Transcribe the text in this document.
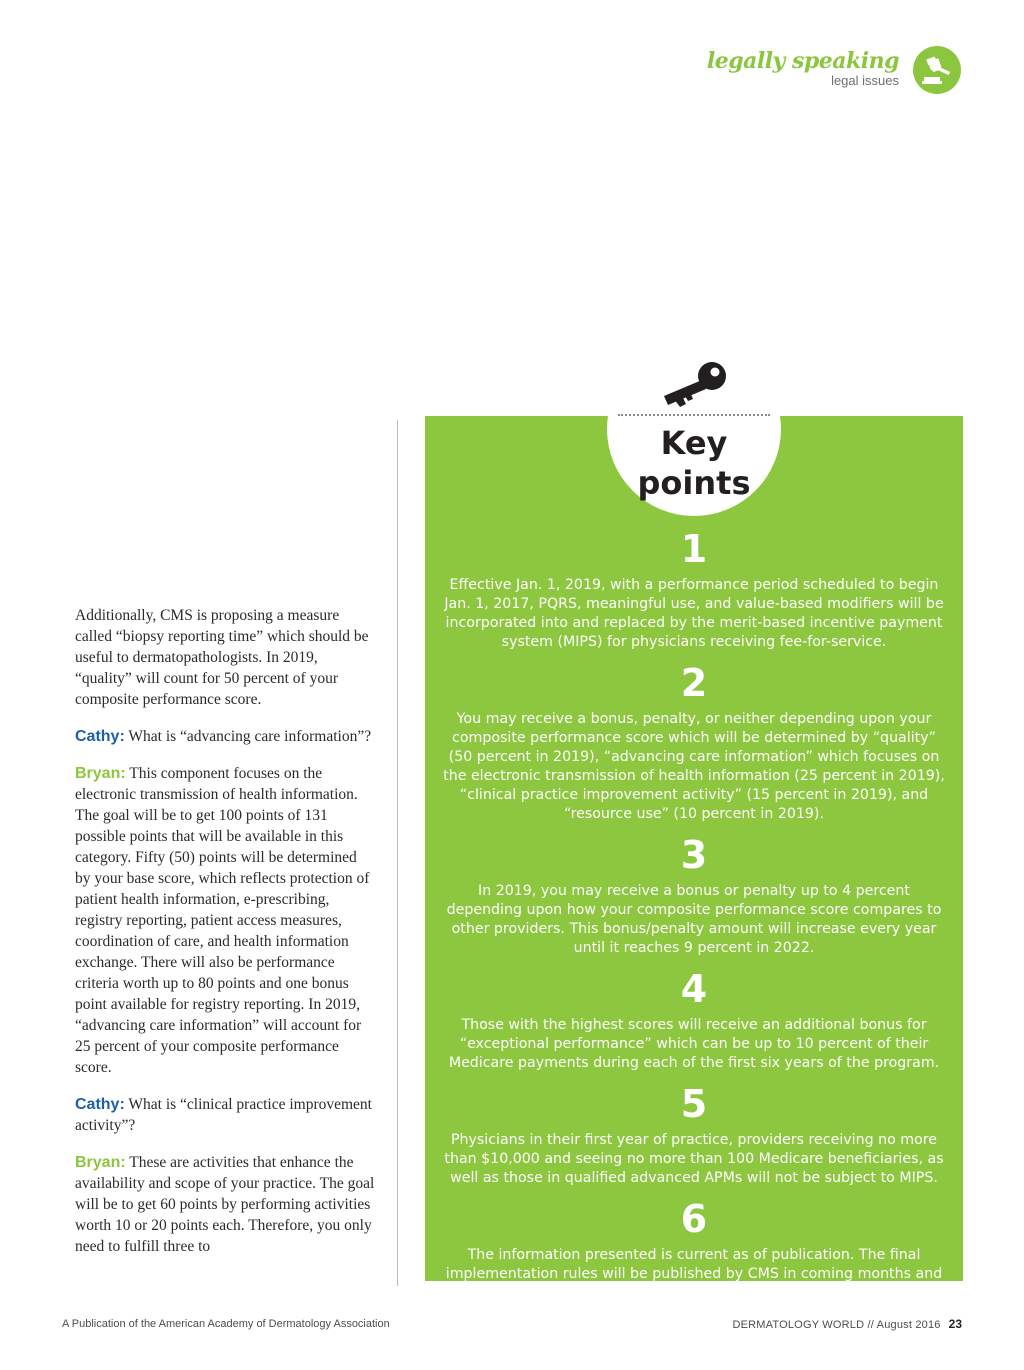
legally speaking
legal issues

Additionally, CMS is proposing a measure called “biopsy reporting time” which should be useful to dermatopathologists. In 2019, “quality” will count for 50 percent of your composite performance score.

Cathy: What is “advancing care information”?

Bryan: This component focuses on the electronic transmission of health information. The goal will be to get 100 points of 131 possible points that will be available in this category. Fifty (50) points will be determined by your base score, which reflects protection of patient health information, e-prescribing, registry reporting, patient access measures, coordination of care, and health information exchange. There will also be performance criteria worth up to 80 points and one bonus point available for registry reporting. In 2019, “advancing care information” will account for 25 percent of your composite performance score.

Cathy: What is “clinical practice improvement activity”?

Bryan: These are activities that enhance the availability and scope of your practice. The goal will be to get 60 points by performing activities worth 10 or 20 points each. Therefore, you only need to fulfill three to

Key
points
1
Effective Jan. 1, 2019, with a performance period scheduled to begin Jan. 1, 2017, PQRS, meaningful use, and value-based modifiers will be incorporated into and replaced by the merit-based incentive payment system (MIPS) for physicians receiving fee-for-service.
2
You may receive a bonus, penalty, or neither depending upon your composite performance score which will be determined by “quality” (50 percent in 2019), “advancing care information” which focuses on the electronic transmission of health information (25 percent in 2019), “clinical practice improvement activity” (15 percent in 2019), and “resource use” (10 percent in 2019).
3
In 2019, you may receive a bonus or penalty up to 4 percent depending upon how your composite performance score compares to other providers. This bonus/penalty amount will increase every year until it reaches 9 percent in 2022.
4
Those with the highest scores will receive an additional bonus for “exceptional performance” which can be up to 10 percent of their Medicare payments during each of the first six years of the program.
5
Physicians in their first year of practice, providers receiving no more than $10,000 and seeing no more than 100 Medicare beneficiaries, as well as those in qualified advanced APMs will not be subject to MIPS.
6
The information presented is current as of publication. The final implementation rules will be published by CMS in coming months and changes may occur.
A Publication of the American Academy of Dermatology Association	DERMATOLOGY WORLD // August 2016 23
